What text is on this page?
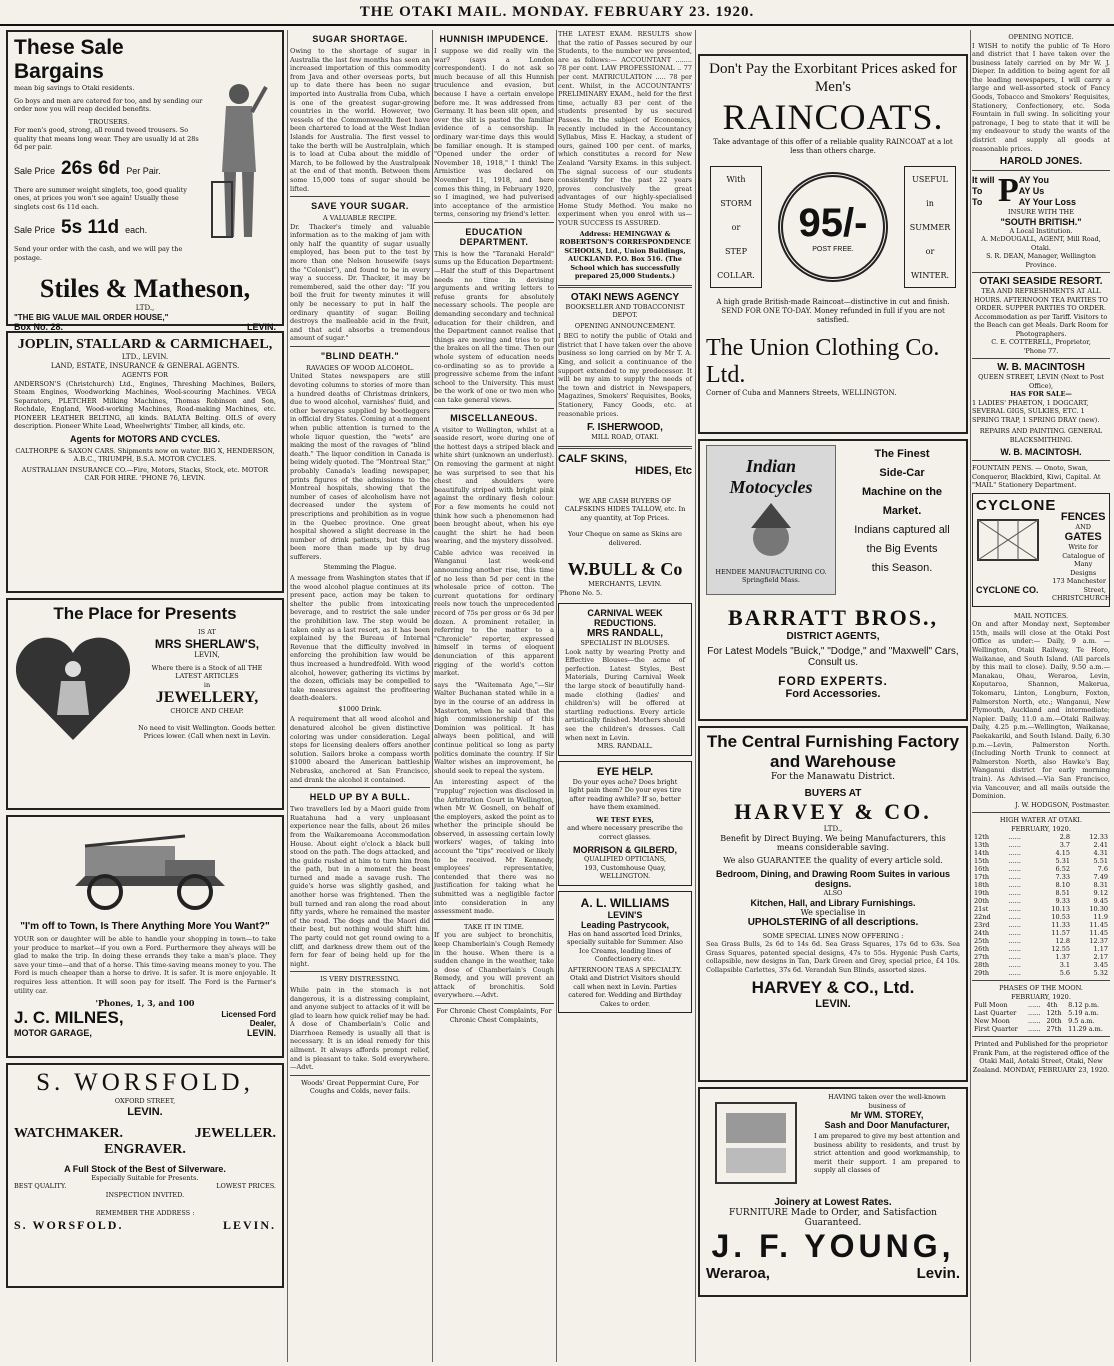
THE OTAKI MAIL. MONDAY. FEBRUARY 23. 1920.
These Sale Bargains
mean big savings to Otaki residents.
Go boys and men are catered for too, and by sending our order now you will reap decided benefits.
TROUSERS.
For men's good, strong, all round tweed trousers. So quality that means long wear. They are usually ld at 28s 6d per pair.
Sale Price 26s 6d Per Pair.
There are summer weight singlets, too, good quality ones, at prices you won't see again! Usually these singlets cost 6s 11d each.
Sale Price 5s 11d each.
Send your order with the cash, and we will pay the postage.
Stiles & Matheson,
LTD.,
"THE BIG VALUE MAIL ORDER HOUSE,"
Box No. 28.	LEVIN.
JOPLIN, STALLARD & CARMICHAEL,
LTD., LEVIN.
LAND, ESTATE, INSURANCE & GENERAL AGENTS.
AGENTS FOR
ANDERSON'S (Christchurch) Ltd., Engines, Threshing Machines, Boilers, Steam Engines, Woodworking Machines, Wool-scouring Machines. VEGA Separators, PLETCHER Milking Machines, Thomas Robinson and Son, Rochdale, England, Wood-working Machines, Road-making Machines, etc. PIONEER LEATHER BELTING, all kinds. BALATA Belting. OILS of every description. Pioneer White Lead, Wheelwrights' Timber, all kinds, etc.
Agents for MOTORS AND CYCLES.
CALTHORPE & SAXON CARS. Shipments now on water. BIG X, HENDERSON, A.B.C., TRIUMPH, B.S.A. MOTOR CYCLES.
AUSTRALIAN INSURANCE CO.—Fire, Motors, Stacks, Stock, etc. MOTOR CAR FOR HIRE. 'PHONE 76, LEVIN.
The Place for Presents
IS AT
MRS SHERLAW'S,
LEVIN,
Where there is a Stock of all THE LATEST ARTICLES
in
JEWELLERY,
CHOICE AND CHEAP.
No need to visit Wellington. Goods better. Prices lower. (Call when next in Levin.
"I'm off to Town, Is There Anything More You Want?"
YOUR son or daughter will be able to handle your shopping in town—to take your produce to market—if you own a Ford. Furthermore they always will be glad to make the trip. In doing these errands they take a man's place. They save your time—and that of a horse. This time-saving means money to you. The Ford is much cheaper than a horse to drive. It is safer. It is more enjoyable. It requires less attention. It will soon pay for itself. The Ford is the Farmer's utility car.
'Phones, 1, 3, and 100
J. C. MILNES,	Licensed Ford Dealer,
MOTOR GARAGE,	LEVIN.
S. WORSFOLD,
OXFORD STREET,
LEVIN.
WATCHMAKER.	JEWELLER.
ENGRAVER.
A Full Stock of the Best of Silverware.
Especially Suitable for Presents.
BEST QUALITY.	LOWEST PRICES.
INSPECTION INVITED.
REMEMBER THE ADDRESS :
S. WORSFOLD.	LEVIN.
SUGAR SHORTAGE.
Owing to the shortage of sugar in Australia the last few months has seen an increased importation of this commodity from Java and other overseas ports, but up to date there has been no sugar imported into Australia from Cuba, which is one of the greatest sugar-growing countries in the world. However, two vessels of the Commonwealth fleet have been chartered to load at the West Indian Islands for Australia. The first vessel to take the berth will be Australplain, which is to load at Cuba about the middle of March, to be followed by the Australpeak at the end of that month. Between them some 15,000 tons of sugar should be lifted.
SAVE YOUR SUGAR.
A VALUABLE RECIPE.
Dr. Thacker's timely and valuable information as to the making of jam with only half the quantity of sugar usually employed, has been put to the test by more than one Nelson housewife (says the "Colonist"), and found to be in every way a success. Dr. Thacker, it may be remembered, said the other day: "If you boil the fruit for twenty minutes it will only be necessary to put in half the ordinary quantity of sugar. Boiling destroys the malleable acid in the fruit, and that acid absorbs a tremendous amount of sugar."
"BLIND DEATH."
RAVAGES OF WOOD ALCOHOL.
United States newspapers are still devoting columns to stories of more than a hundred deaths of Christmas drinkers, due to wood alcohol, varnishes' fluid, and other beverages supplied by bootleggers in official dry States. Coming at a moment when public attention is turned to the whole liquor question, the "wets" are making the most of the ravages of "blind death." The liquor condition in Canada is being widely quoted. The "Montreal Star," probably Canada's leading newspaper, prints figures of the admissions to the Montreal hospitals, showing that the number of cases of alcoholism have not decreased under the system of prescriptions and prohibition as in vogue in the Quebec province. One great hospital showed a slight decrease in the number of drink patients, but this has been more than made up by drug sufferers.
Stemming the Plague.
A message from Washington states that if the wood alcohol plague continues at its present pace, action may be taken to shelter the public from intoxicating beverage, and to restrict the sale under the prohibition law. The step would be taken only as a last resort, as it has been explained by the Bureau of Internal Revenue that the difficulty involved in enforcing the prohibition law would be thus increased a hundredfold. With wood alcohol, however, gathering its victims by the dozen, officials may be compelled to take measures against the profiteering death-dealers.
$1000 Drink.
A requirement that all wood alcohol and denatured alcohol be given distinctive coloring was under consideration. Legal steps for licensing dealers offers another solution. Sailors broke a compass worth $1000 aboard the American battleship Nebraska, anchored at San Francisco, and drank the alcohol it contained.
HELD UP BY A BULL.
Two travellers led by a Maori guide from Ruatahuna had a very unpleasant experience near the falls, about 26 miles from the Waikaremoana Accommodation House. About eight o'clock a black bull stood on the path. The dogs attacked, and the guide rushed at him to turn him from the path, but in a moment the beast turned and made a savage rush. The guide's horse was slightly gashed, and another horse was frightened. Then the bull turned and ran along the road about fifty yards, where he remained the master of the road. The dogs and the Maori did their best, but nothing would shift him. The party could not get round owing to a cliff, and darkness drew them out of the fern for fear of being held up for the night.
IS VERY DISTRESSING.
While pain in the stomach is not dangerous, it is a distressing complaint, and anyone subject to attacks of it will be glad to learn how quick relief may be had. A dose of Chamberlain's Colic and Diarrhoea Remedy is usually all that is necessary. It is an ideal remedy for this ailment. It always affords prompt relief, and is pleasant to take. Sold everywhere.—Advt.
Woods' Great Peppermint Cure, For Coughs and Colds, never fails.
HUNNISH IMPUDENCE.
I suppose we did really win the war? (says a London correspondent). I do not ask so much because of all this Hunnish truculence and evasion, but because I have a certain envelope before me. It was addressed from Germany. It has been slit open, and over the slit is pasted the familiar evidence of a censorship. In ordinary war-time days this would be familiar enough. It is stamped "Opened under the order of November 18, 1918," I think! The Armistice was declared on November 11, 1918, and here comes this thing, in February 1920, so I imagined, we had pulverised into acceptance of the armistice terms, censoring my friend's letter.
EDUCATION DEPARTMENT.
This is how the "Taranaki Herald" sums up the Education Department:—Half the stuff of this Department needs no time in devising arguments and writing letters to refuse grants for absolutely necessary schools. The people are demanding secondary and technical education for their children, and the Department cannot realise that things are moving and tries to put the brakes on all the time. Then our whole system of education needs co-ordinating so as to provide a progressive scheme from the infant school to the University. This must be the work of one or two men who can take general views.
MISCELLANEOUS.
A visitor to Wellington, whilst at a seaside resort, wore during one of the hottest days a striped black and white shirt (unknown an underlust). On removing the garment at night he was surprised to see that his chest and shoulders were beautifully striped with bright pink against the ordinary flesh colour. For a few moments he could not think how such a phenomenon had been brought about, when his eye caught the shirt he had been wearing, and the mystery dissolved.
Cable advice was received in Wanganui last week-end announcing another rise, this time of no less than 5d per cent in the wholesale price of cotton. The current quotations for ordinary reels now touch the unprecedented record of 75s per gross or 6s 3d per dozen. A prominent retailer, in referring to the matter to a "Chronicle" reporter, expressed himself in terms of eloquent denunciation of this apparent rigging of the world's cotton market.
says the "Waitemata Age,"—Sir Walter Buchanan stated while in a bye in the course of an address in Masterton, when he said that the high commissionership of this Dominion was political. It has always been political, and will continue political so long as party politics dominate the country. If Sir Walter wishes an improvement, he should seek to repeal the system.
An interesting aspect of the "rupplug" rejection was disclosed in the Arbitration Court in Wellington, when Mr W. Gosnell, on behalf of the employers, asked the point as to whether the principle should be observed, in assessing certain lowly workers' wages, of taking into account the "tips" received or likely to be received. Mr Kennedy, employees' representative, contended that there was no justification for taking what he submitted was a negligible factor into consideration in any assessment made.
TAKE IT IN TIME.
If you are subject to bronchitis, keep Chamberlain's Cough Remedy in the house. When there is a sudden change in the weather, take a dose of Chamberlain's Cough Remedy, and you will prevent an attack of bronchitis. Sold everywhere.—Advt.
For Chronic Chest Complaints, For Chronic Chest Complaints,
THE LATEST EXAM. RESULTS show that the ratio of Passes secured by our Students, to the number we presented, are as follows:— ACCOUNTANT ........ 78 per cent. LAW PROFESSIONAL .. 77 per cent. MATRICULATION ..... 78 per cent. Whilst, in the ACCOUNTANTS' PRELIMINARY EXAM., held for the first time, actually 83 per cent of the students presented by us secured Passes. In the subject of Economics, recently included in the Accountancy Syllabus, Miss E. Hackay, a student of ours, gained 100 per cent. of marks, which constitutes a record for New Zealand 'Varsity Exams. in this subject. The signal success of our students consistently for the past 22 years proves conclusively the great advantages of our highly-specialised Home Study Method. You make no experiment when you enrol with us—YOUR SUCCESS IS ASSURED.
Address: HEMINGWAY & ROBERTSON'S CORRESPONDENCE SCHOOLS, Ltd., Union Buildings, AUCKLAND. P.O. Box 516. (The School which has successfully prepared 25,000 Students.)
OTAKI NEWS AGENCY
BOOKSELLER AND TOBACCONIST DEPOT.
OPENING ANNOUNCEMENT.
I BEG to notify the public of Otaki and district that I have taken over the above business so long carried on by Mr T. A. King, and solicit a continuance of the support extended to my predecessor. It will be my aim to supply the needs of the town and district in Newspapers, Magazines, Smokers' Requisites, Books, Stationery, Fancy Goods, etc. at reasonable prices.
F. ISHERWOOD,
MILL ROAD, OTAKI.
CALF SKINS,
HIDES, Etc
WE ARE CASH BUYERS OF CALFSKINS HIDES TALLOW, etc. In any quantity, at Top Prices.
Your Cheque on same as Skins are delivered.
W.BULL & Co
MERCHANTS, LEVIN.
'Phone No. 5.
CARNIVAL WEEK REDUCTIONS.
MRS RANDALL,
SPECIALIST IN BLOUSES.
Look natty by wearing Pretty and Effective Blouses—the acme of perfection. Latest Styles, Best Materials, During Carnival Week the large stock of beautifully hand-made clothing (ladies' and children's) will be offered at startling reductions. Every article artistically finished. Mothers should see the children's dresses. Call when next in Levin.
MRS. RANDALL.
EYE HELP.
Do your eyes ache? Does bright light pain them? Do your eyes tire after reading awhile? If so, better have them examined.
WE TEST EYES,
and where necessary prescribe the correct glasses.
MORRISON & GILBERD,
QUALIFIED OPTICIANS,
193, Customhouse Quay, WELLINGTON.
A. L. WILLIAMS
LEVIN'S
Leading Pastrycook,
Has on hand assorted Iced Drinks, specially suitable for Summer. Also Ice Creams, leading lines of Confectionery etc.
AFTERNOON TEAS A SPECIALTY.
Otaki and District Visitors should call when next in Levin. Parties catered for. Wedding and Birthday Cakes to order.
Don't Pay the Exorbitant Prices asked for Men's
RAINCOATS.
Take advantage of this offer of a reliable quality RAINCOAT at a lot less than others charge.
With
STORM
or
STEP
COLLAR.
95/-
POST FREE.
USEFUL
in
SUMMER
or
WINTER.
A high grade British-made Raincoat—distinctive in cut and finish. SEND FOR ONE TO-DAY. Money refunded in full if you are not satisfied.
The Union Clothing Co. Ltd.
Corner of Cuba and Manners Streets, WELLINGTON.
Indian Motocycles
HENDEE MANUFACTURING CO. Springfield Mass.
The Finest
Side-Car
Machine on the
Market.
Indians captured all
the Big Events
this Season.
BARRATT BROS.,
DISTRICT AGENTS,
For Latest Models "Buick," "Dodge," and "Maxwell" Cars, Consult us.
FORD EXPERTS.
Ford Accessories.
The Central Furnishing Factory and Warehouse
For the Manawatu District.
BUYERS AT
HARVEY & CO.
LTD.,
Benefit by Direct Buying. We being Manufacturers, this means considerable saving.
We also GUARANTEE the quality of every article sold.
Bedroom, Dining, and Drawing Room Suites in various designs.
ALSO
Kitchen, Hall, and Library Furnishings.
We specialise in
UPHOLSTERING of all descriptions.
SOME SPECIAL LINES NOW OFFERING :
Sea Grass Bulls, 2s 6d to 14s 6d. Sea Grass Squares, 17s 6d to 63s. Sea Grass Squares, patented special designs, 47s to 55s. Hygenic Push Carts, collapsible, new designs in Tan, Dark Green and Grey, special price, £4 10s. Collapsible Carlettes, 37s 6d. Verandah Sun Blinds, assorted sizes.
HARVEY & CO., Ltd.
LEVIN.
HAVING taken over the well-known business of
Mr WM. STOREY,
Sash and Door Manufacturer,
I am prepared to give my best attention and business ability to residents, and trust by strict attention and good workmanship, to merit their support. I am prepared to supply all classes of
Joinery at Lowest Rates.
FURNITURE Made to Order, and Satisfaction Guaranteed.
J. F. YOUNG,
Weraroa,	Levin.
OPENING NOTICE.
I WISH to notify the public of Te Horo and district that I have taken over the business lately carried on by Mr W. J. Dieper. In addition to being agent for all the leading newspapers, I will carry a large and well-assorted stock of Fancy Goods, Tobacco and Smokers' Requisites, Stationery, Confectionery, etc. Soda Fountain in full swing. In soliciting your patronage, I beg to state that it will be my endeavour to study the wants of the district and supply all goods at reasonable prices.
HAROLD JONES.
It will
To
To P AY You
AY Us
AY Your Loss
INSURE WITH THE
"SOUTH BRITISH."
A Local Institution.
A. McDOUGALL, AGENT, Mill Road, Otaki.
S. R. DEAN, Manager, Wellington Province.
OTAKI SEASIDE RESORT.
TEA AND REFRESHMENTS AT ALL HOURS. AFTERNOON TEA PARTIES TO ORDER. SUPPER PARTIES TO ORDER. Accommodation as per Tariff. Visitors to the Beach can get Meals. Dark Room for Photographers.
C. E. COTTERELL, Proprietor,
'Phone 77.
W. B. MACINTOSH
QUEEN STREET, LEVIN (Next to Post Office),
HAS FOR SALE—
1 LADIES' PHAETON, 1 DOGCART, SEVERAL GIGS, SULKIES, ETC. 1 SPRING TRAP, 1 SPRING DRAY (new).
REPAIRS AND PAINTING. GENERAL BLACKSMITHING.
W. B. MACINTOSH.
FOUNTAIN PENS. — Onoto, Swan, Conqueror, Blackbird, Kiwi, Capital. At "MAIL" Stationery Department.
CYCLONE
FENCES
AND
GATES
Write for Catalogue of Many Designs
CYCLONE CO.
173 Manchester Street, CHRISTCHURCH
MAIL NOTICES.
On and after Monday next, September 15th, mails will close at the Otaki Post Office as under:— Daily, 9 a.m. — Wellington, Otaki Railway, Te Horo, Waikanae, and South Island. (All parcels by this mail to close). Daily, 9.50 a.m.—Manakau, Ohau, Weraroa, Levin, Koputaroa, Shannon, Makerua, Tokomaru, Linton, Longburn, Foxton, Palmerston North, etc.; Wanganui, New Plymouth, Auckland and intermediate; Napier. Daily, 11.0 a.m.—Otaki Railway. Daily, 4.25 p.m.—Wellington, Waikanae, Paekakariki, and South Island. Daily, 6.30 p.m.—Levin, Palmerston North. (Including North Trunk to connect at Palmerston North, also Hawke's Bay, Wanganui district for early morning train). As Advised.—Via San Francisco, via Vancouver, and all mails outside the Dominion.
J. W. HODGSON, Postmaster.
HIGH WATER AT OTAKI.
FEBRUARY, 1920.
12th	......	2.8	12.33
13th	......	3.7	2.41
14th	......	4.15	4.31
15th	......	5.31	5.51
16th	......	6.52	7.6
17th	......	7.33	7.49
18th	......	8.10	8.31
19th	......	8.51	9.12
20th	......	9.33	9.45
21st	......	10.13	10.30
22nd	......	10.53	11.9
23rd	......	11.33	11.45
24th	......	11.57	11.45
25th	......	12.8	12.37
26th	......	12.55	1.17
27th	......	1.37	2.17
28th	......	3.1	3.45
29th	......	5.6	5.32
PHASES OF THE MOON.
FEBRUARY, 1920.
Full Moon	......	4th	8.12 p.m.
Last Quarter	......	12th	5.19 a.m.
New Moon	......	20th	9.5 a.m.
First Quarter	......	27th	11.29 a.m.
Printed and Published for the proprietor Frank Pam, at the registered office of the Otaki Mail, Aotaki Street, Otaki, New Zealand. MONDAY, FEBRUARY 23, 1920.
